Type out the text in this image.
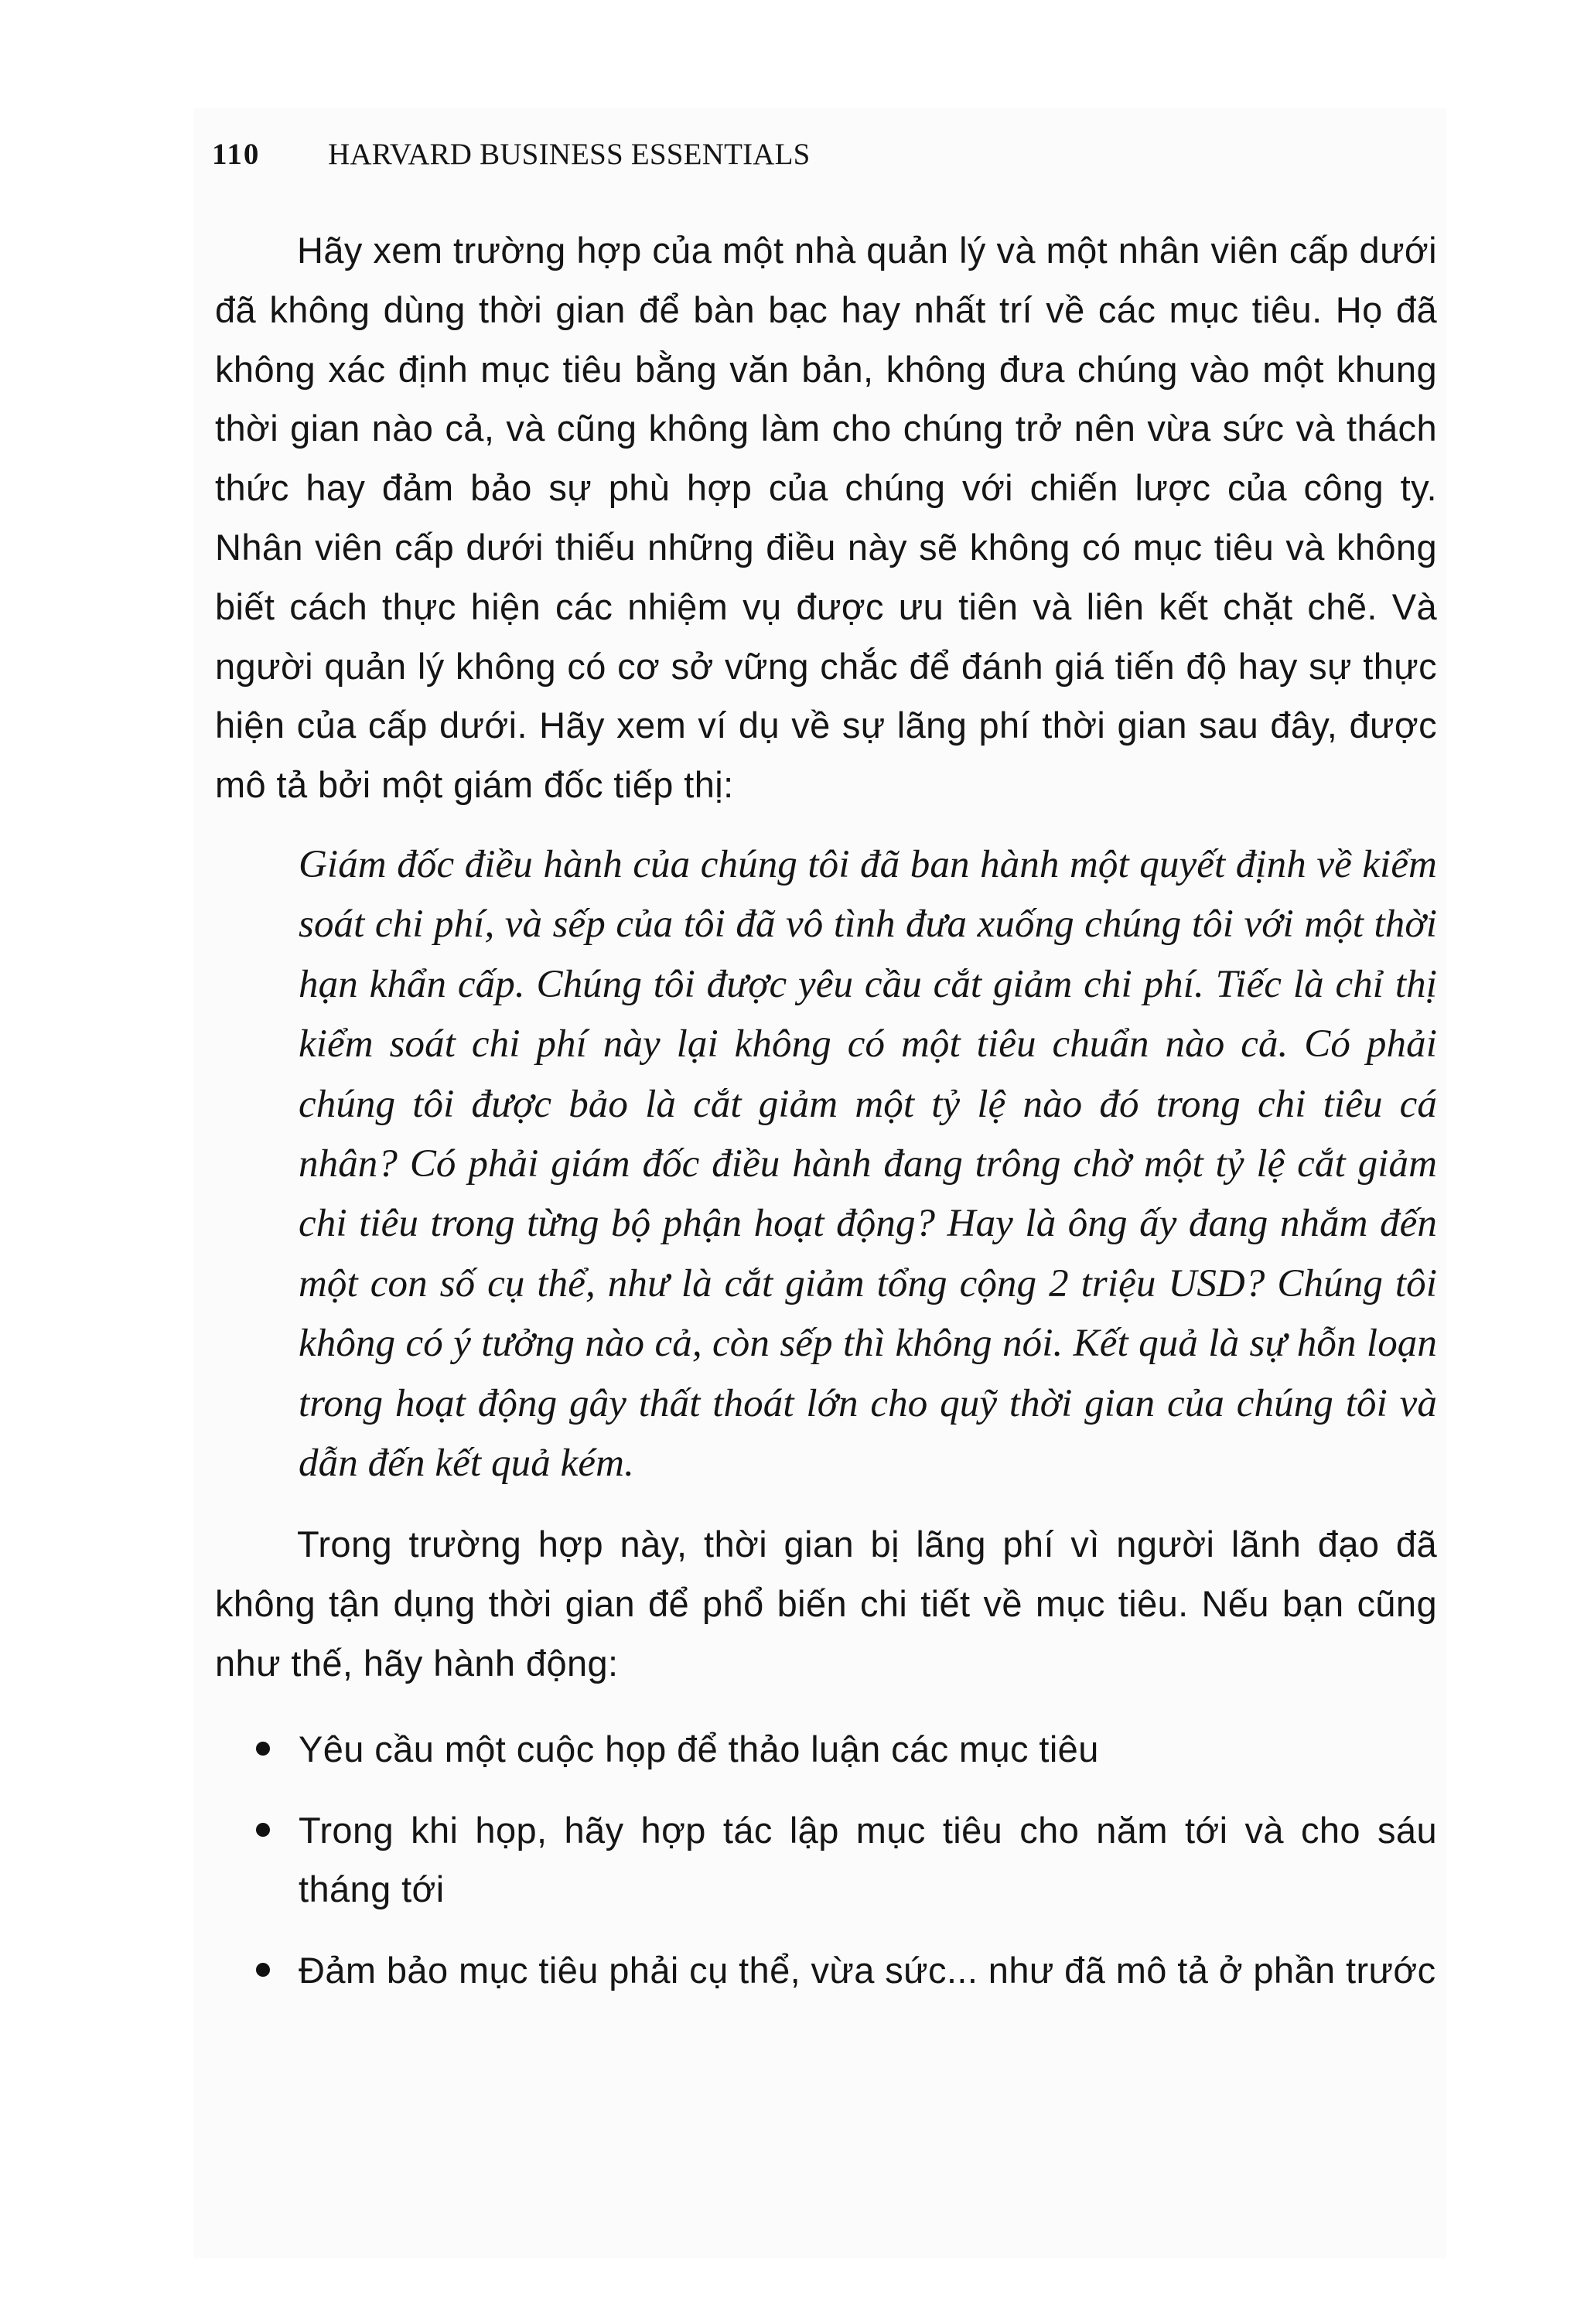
110 HARVARD BUSINESS ESSENTIALS

Hãy xem trường hợp của một nhà quản lý và một nhân viên cấp dưới đã không dùng thời gian để bàn bạc hay nhất trí về các mục tiêu. Họ đã không xác định mục tiêu bằng văn bản, không đưa chúng vào một khung thời gian nào cả, và cũng không làm cho chúng trở nên vừa sức và thách thức hay đảm bảo sự phù hợp của chúng với chiến lược của công ty. Nhân viên cấp dưới thiếu những điều này sẽ không có mục tiêu và không biết cách thực hiện các nhiệm vụ được ưu tiên và liên kết chặt chẽ. Và người quản lý không có cơ sở vững chắc để đánh giá tiến độ hay sự thực hiện của cấp dưới. Hãy xem ví dụ về sự lãng phí thời gian sau đây, được mô tả bởi một giám đốc tiếp thị:

Giám đốc điều hành của chúng tôi đã ban hành một quyết định về kiểm soát chi phí, và sếp của tôi đã vô tình đưa xuống chúng tôi với một thời hạn khẩn cấp. Chúng tôi được yêu cầu cắt giảm chi phí. Tiếc là chỉ thị kiểm soát chi phí này lại không có một tiêu chuẩn nào cả. Có phải chúng tôi được bảo là cắt giảm một tỷ lệ nào đó trong chi tiêu cá nhân? Có phải giám đốc điều hành đang trông chờ một tỷ lệ cắt giảm chi tiêu trong từng bộ phận hoạt động? Hay là ông ấy đang nhắm đến một con số cụ thể, như là cắt giảm tổng cộng 2 triệu USD? Chúng tôi không có ý tưởng nào cả, còn sếp thì không nói. Kết quả là sự hỗn loạn trong hoạt động gây thất thoát lớn cho quỹ thời gian của chúng tôi và dẫn đến kết quả kém.

Trong trường hợp này, thời gian bị lãng phí vì người lãnh đạo đã không tận dụng thời gian để phổ biến chi tiết về mục tiêu. Nếu bạn cũng như thế, hãy hành động:

Yêu cầu một cuộc họp để thảo luận các mục tiêu
Trong khi họp, hãy hợp tác lập mục tiêu cho năm tới và cho sáu tháng tới
Đảm bảo mục tiêu phải cụ thể, vừa sức... như đã mô tả ở phần trước
